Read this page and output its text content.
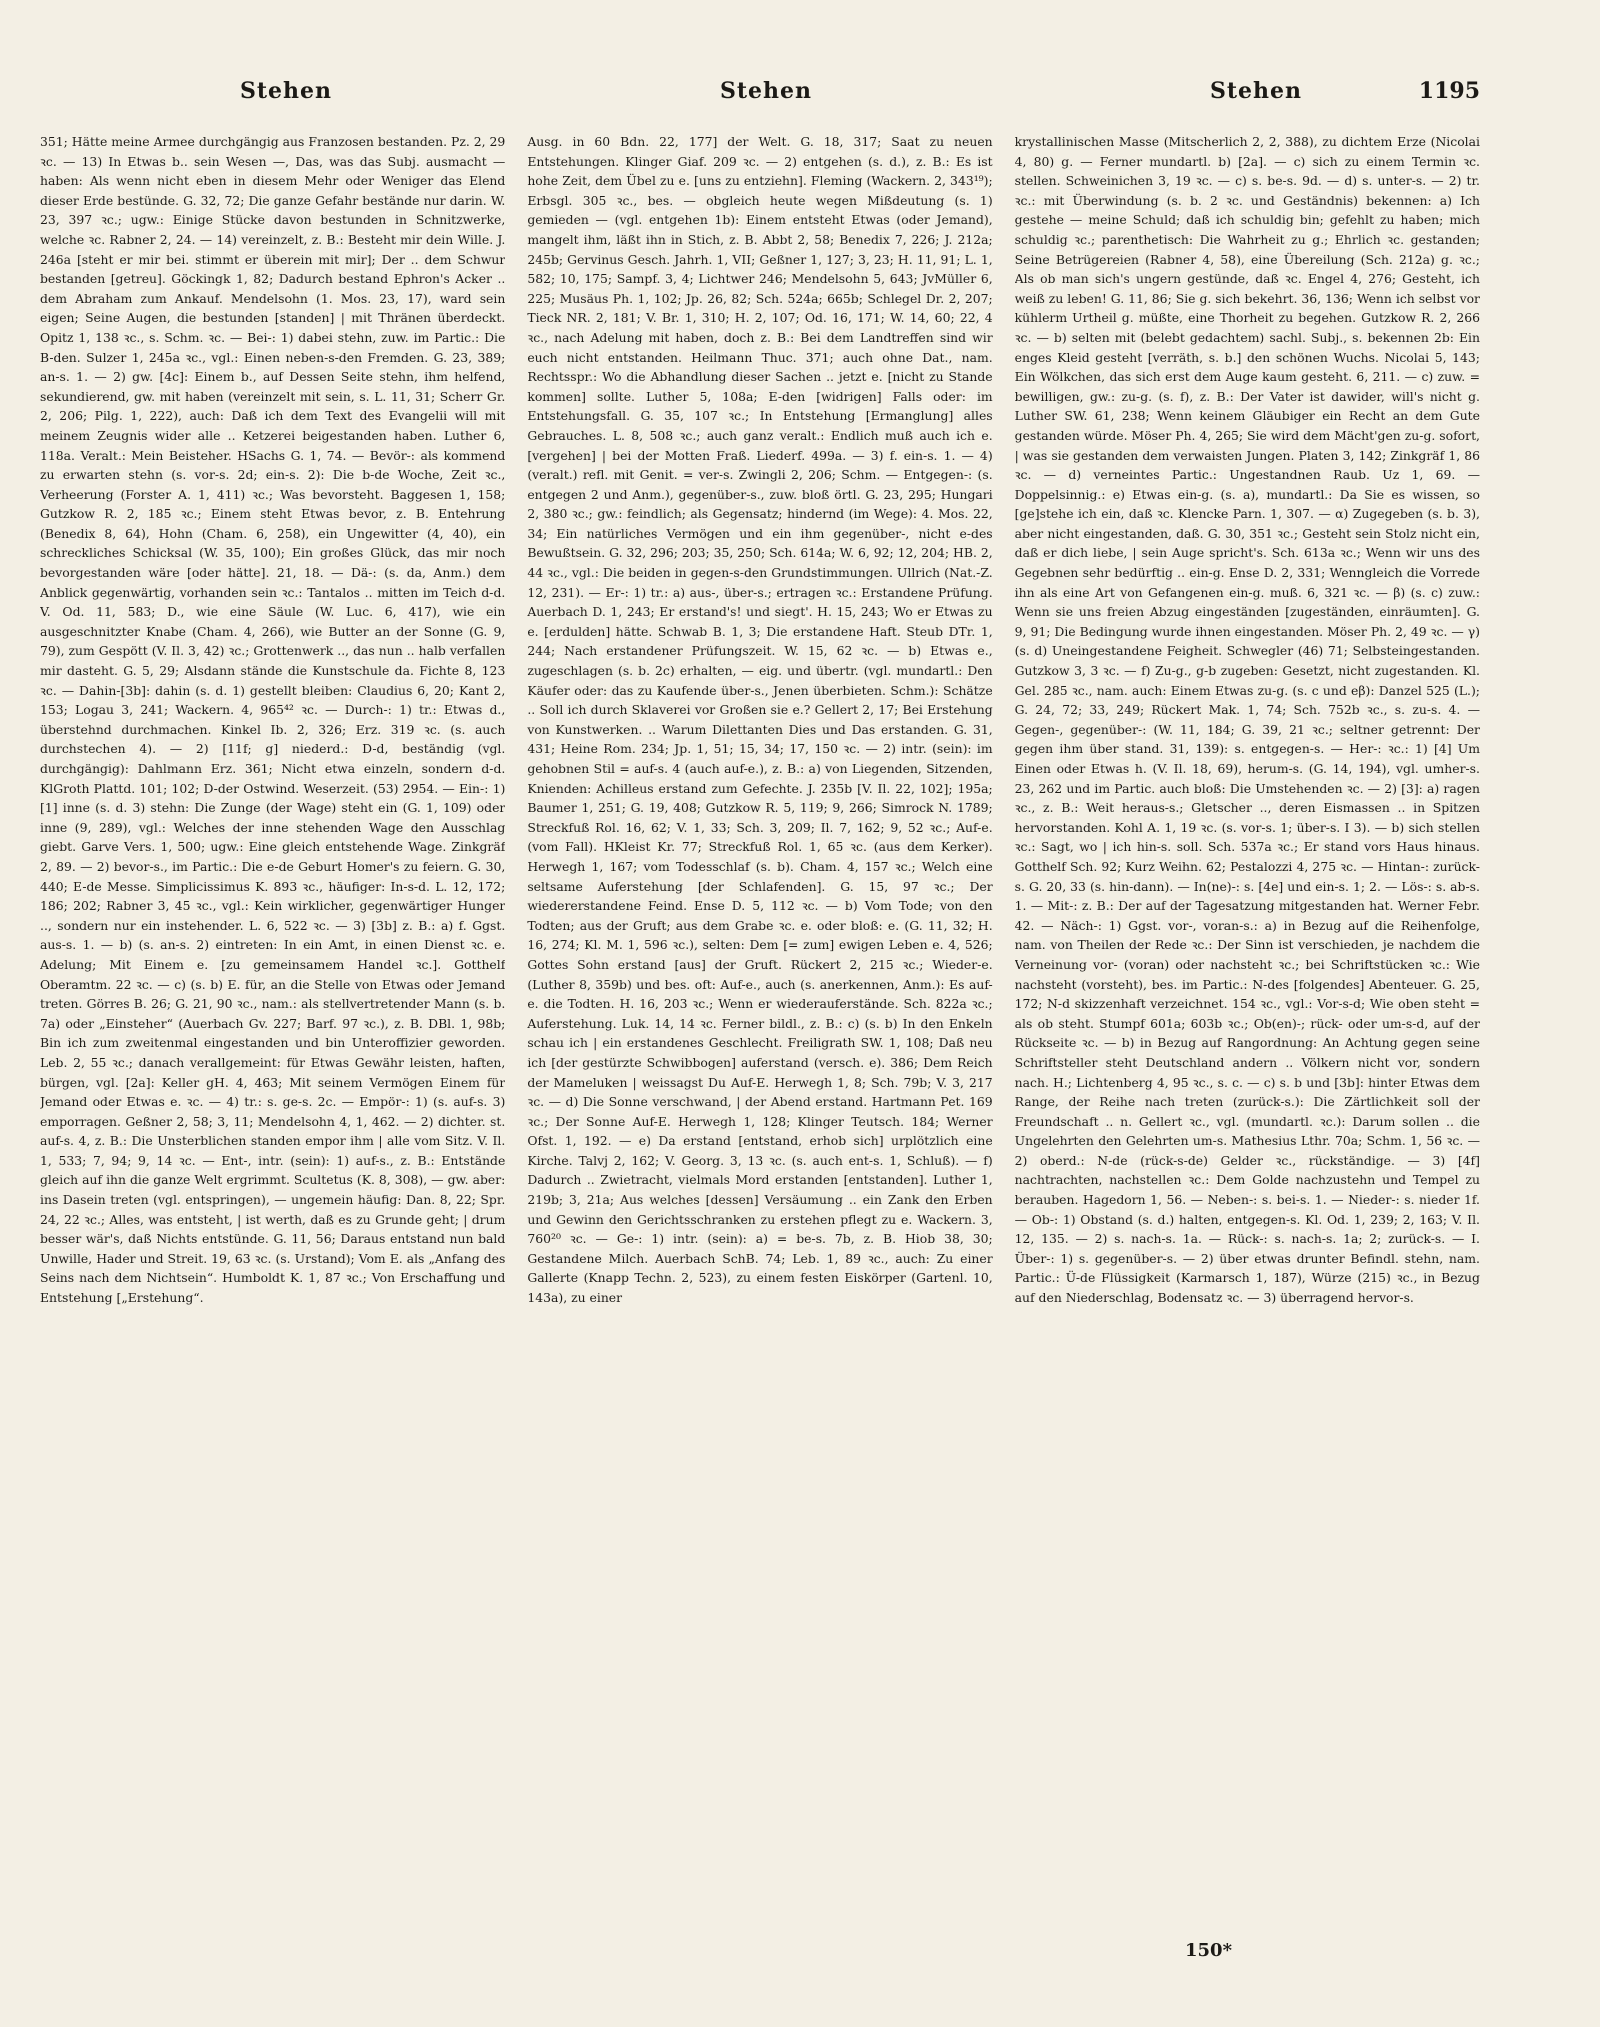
Stehen	Stehen	Stehen	1195

351; Hätte meine Armee durchgängig aus Franzosen bestanden. Pz. 2, 29 ꝛc. — 13) In Etwas b.. sein Wesen —, Das, was das Subj. ausmacht — haben: Als wenn nicht eben in diesem Mehr oder Weniger das Elend dieser Erde bestünde. G. 32, 72; Die ganze Gefahr bestände nur darin. W. 23, 397 ꝛc.; ugw.: Einige Stücke davon bestunden in Schnitzwerke, welche ꝛc. Rabner 2, 24. — 14) vereinzelt, z. B.: Besteht mir dein Wille. J. 246a [steht er mir bei. stimmt er überein mit mir]; Der .. dem Schwur bestanden [getreu]. Göckingk 1, 82; Dadurch bestand Ephron's Acker .. dem Abraham zum Ankauf. Mendelsohn (1. Mos. 23, 17), ward sein eigen; Seine Augen, die bestunden [standen] | mit Thränen überdeckt. Opitz 1, 138 ꝛc., s. Schm. ꝛc. — Bei-: 1) dabei stehn, zuw. im Partic.: Die B-den. Sulzer 1, 245a ꝛc., vgl.: Einen neben-s-den Fremden. G. 23, 389; an-s. 1. — 2) gw. [4c]: Einem b., auf Dessen Seite stehn, ihm helfend, sekundierend, gw. mit haben (vereinzelt mit sein, s. L. 11, 31; Scherr Gr. 2, 206; Pilg. 1, 222), auch: Daß ich dem Text des Evangelii will mit meinem Zeugnis wider alle .. Ketzerei beigestanden haben. Luther 6, 118a. Veralt.: Mein Beisteher. HSachs G. 1, 74. — Bevör-: als kommend zu erwarten stehn (s. vor-s. 2d; ein-s. 2): Die b-de Woche, Zeit ꝛc., Verheerung (Forster A. 1, 411) ꝛc.; Was bevorsteht. Baggesen 1, 158; Gutzkow R. 2, 185 ꝛc.; Einem steht Etwas bevor, z. B. Entehrung (Benedix 8, 64), Hohn (Cham. 6, 258), ein Ungewitter (4, 40), ein schreckliches Schicksal (W. 35, 100); Ein großes Glück, das mir noch bevorgestanden wäre [oder hätte]. 21, 18. — Dä-: (s. da, Anm.) dem Anblick gegenwärtig, vorhanden sein ꝛc.: Tantalos .. mitten im Teich d-d. V. Od. 11, 583; D., wie eine Säule (W. Luc. 6, 417), wie ein ausgeschnitzter Knabe (Cham. 4, 266), wie Butter an der Sonne (G. 9, 79), zum Gespött (V. Il. 3, 42) ꝛc.; Grottenwerk .., das nun .. halb verfallen mir dasteht. G. 5, 29; Alsdann stände die Kunstschule da. Fichte 8, 123 ꝛc. — Dahin-[3b]: dahin (s. d. 1) gestellt bleiben: Claudius 6, 20; Kant 2, 153; Logau 3, 241; Wackern. 4, 965⁴² ꝛc. — Durch-: 1) tr.: Etwas d., überstehnd durchmachen. Kinkel Ib. 2, 326; Erz. 319 ꝛc. (s. auch durchstechen 4). — 2) [11f; g] niederd.: D-d, beständig (vgl. durchgängig): Dahlmann Erz. 361; Nicht etwa einzeln, sondern d-d. KlGroth Plattd. 101; 102; D-der Ostwind. Weserzeit. (53) 2954. — Ein-: 1) [1] inne (s. d. 3) stehn: Die Zunge (der Wage) steht ein (G. 1, 109) oder inne (9, 289), vgl.: Welches der inne stehenden Wage den Ausschlag giebt. Garve Vers. 1, 500; ugw.: Eine gleich entstehende Wage. Zinkgräf 2, 89. — 2) bevor-s., im Partic.: Die e-de Geburt Homer's zu feiern. G. 30, 440; E-de Messe. Simplicissimus K. 893 ꝛc., häufiger: In-s-d. L. 12, 172; 186; 202; Rabner 3, 45 ꝛc., vgl.: Kein wirklicher, gegenwärtiger Hunger .., sondern nur ein instehender. L. 6, 522 ꝛc. — 3) [3b] z. B.: a) f. Ggst. aus-s. 1. — b) (s. an-s. 2) eintreten: In ein Amt, in einen Dienst ꝛc. e. Adelung; Mit Einem e. [zu gemeinsamem Handel ꝛc.]. Gotthelf Oberamtm. 22 ꝛc. — c) (s. b) E. für, an die Stelle von Etwas oder Jemand treten. Görres B. 26; G. 21, 90 ꝛc., nam.: als stellvertretender Mann (s. b. 7a) oder „Einsteher“ (Auerbach Gv. 227; Barf. 97 ꝛc.), z. B. DBl. 1, 98b; Bin ich zum zweitenmal eingestanden und bin Unteroffizier geworden. Leb. 2, 55 ꝛc.; danach verallgemeint: für Etwas Gewähr leisten, haften, bürgen, vgl. [2a]: Keller gH. 4, 463; Mit seinem Vermögen Einem für Jemand oder Etwas e. ꝛc. — 4) tr.: s. ge-s. 2c. — Empör-: 1) (s. auf-s. 3) emporragen. Geßner 2, 58; 3, 11; Mendelsohn 4, 1, 462. — 2) dichter. st. auf-s. 4, z. B.: Die Unsterblichen standen empor ihm | alle vom Sitz. V. Il. 1, 533; 7, 94; 9, 14 ꝛc. — Ent-, intr. (sein): 1) auf-s., z. B.: Entstände gleich auf ihn die ganze Welt ergrimmt. Scultetus (K. 8, 308), — gw. aber: ins Dasein treten (vgl. entspringen), — ungemein häufig: Dan. 8, 22; Spr. 24, 22 ꝛc.; Alles, was entsteht, | ist werth, daß es zu Grunde geht; | drum besser wär's, daß Nichts entstünde. G. 11, 56; Daraus entstand nun bald Unwille, Hader und Streit. 19, 63 ꝛc. (s. Urstand); Vom E. als „Anfang des Seins nach dem Nichtsein“. Humboldt K. 1, 87 ꝛc.; Von Erschaffung und Entstehung [„Erstehung“.

Ausg. in 60 Bdn. 22, 177] der Welt. G. 18, 317; Saat zu neuen Entstehungen. Klinger Giaf. 209 ꝛc. — 2) entgehen (s. d.), z. B.: Es ist hohe Zeit, dem Übel zu e. [uns zu entziehn]. Fleming (Wackern. 2, 343¹⁹); Erbsgl. 305 ꝛc., bes. — obgleich heute wegen Mißdeutung (s. 1) gemieden — (vgl. entgehen 1b): Einem entsteht Etwas (oder Jemand), mangelt ihm, läßt ihn in Stich, z. B. Abbt 2, 58; Benedix 7, 226; J. 212a; 245b; Gervinus Gesch. Jahrh. 1, VII; Geßner 1, 127; 3, 23; H. 11, 91; L. 1, 582; 10, 175; Sampf. 3, 4; Lichtwer 246; Mendelsohn 5, 643; JvMüller 6, 225; Musäus Ph. 1, 102; Jp. 26, 82; Sch. 524a; 665b; Schlegel Dr. 2, 207; Tieck NR. 2, 181; V. Br. 1, 310; H. 2, 107; Od. 16, 171; W. 14, 60; 22, 4 ꝛc., nach Adelung mit haben, doch z. B.: Bei dem Landtreffen sind wir euch nicht entstanden. Heilmann Thuc. 371; auch ohne Dat., nam. Rechtsspr.: Wo die Abhandlung dieser Sachen .. jetzt e. [nicht zu Stande kommen] sollte. Luther 5, 108a; E-den [widrigen] Falls oder: im Entstehungsfall. G. 35, 107 ꝛc.; In Entstehung [Ermanglung] alles Gebrauches. L. 8, 508 ꝛc.; auch ganz veralt.: Endlich muß auch ich e. [vergehen] | bei der Motten Fraß. Liederf. 499a. — 3) f. ein-s. 1. — 4) (veralt.) refl. mit Genit. = ver-s. Zwingli 2, 206; Schm. — Entgegen-: (s. entgegen 2 und Anm.), gegenüber-s., zuw. bloß örtl. G. 23, 295; Hungari 2, 380 ꝛc.; gw.: feindlich; als Gegensatz; hindernd (im Wege): 4. Mos. 22, 34; Ein natürliches Vermögen und ein ihm gegenüber-, nicht e-des Bewußtsein. G. 32, 296; 203; 35, 250; Sch. 614a; W. 6, 92; 12, 204; HB. 2, 44 ꝛc., vgl.: Die beiden in gegen-s-den Grundstimmungen. Ullrich (Nat.-Z. 12, 231). — Er-: 1) tr.: a) aus-, über-s.; ertragen ꝛc.: Erstandene Prüfung. Auerbach D. 1, 243; Er erstand's! und siegt'. H. 15, 243; Wo er Etwas zu e. [erdulden] hätte. Schwab B. 1, 3; Die erstandene Haft. Steub DTr. 1, 244; Nach erstandener Prüfungszeit. W. 15, 62 ꝛc. — b) Etwas e., zugeschlagen (s. b. 2c) erhalten, — eig. und übertr. (vgl. mundartl.: Den Käufer oder: das zu Kaufende über-s., Jenen überbieten. Schm.): Schätze .. Soll ich durch Sklaverei vor Großen sie e.? Gellert 2, 17; Bei Erstehung von Kunstwerken. .. Warum Dilettanten Dies und Das erstanden. G. 31, 431; Heine Rom. 234; Jp. 1, 51; 15, 34; 17, 150 ꝛc. — 2) intr. (sein): im gehobnen Stil = auf-s. 4 (auch auf-e.), z. B.: a) von Liegenden, Sitzenden, Knienden: Achilleus erstand zum Gefechte. J. 235b [V. Il. 22, 102]; 195a; Baumer 1, 251; G. 19, 408; Gutzkow R. 5, 119; 9, 266; Simrock N. 1789; Streckfuß Rol. 16, 62; V. 1, 33; Sch. 3, 209; Il. 7, 162; 9, 52 ꝛc.; Auf-e. (vom Fall). HKleist Kr. 77; Streckfuß Rol. 1, 65 ꝛc. (aus dem Kerker). Herwegh 1, 167; vom Todesschlaf (s. b). Cham. 4, 157 ꝛc.; Welch eine seltsame Auferstehung [der Schlafenden]. G. 15, 97 ꝛc.; Der wiedererstandene Feind. Ense D. 5, 112 ꝛc. — b) Vom Tode; von den Todten; aus der Gruft; aus dem Grabe ꝛc. e. oder bloß: e. (G. 11, 32; H. 16, 274; Kl. M. 1, 596 ꝛc.), selten: Dem [= zum] ewigen Leben e. 4, 526; Gottes Sohn erstand [aus] der Gruft. Rückert 2, 215 ꝛc.; Wieder-e. (Luther 8, 359b) und bes. oft: Auf-e., auch (s. anerkennen, Anm.): Es auf-e. die Todten. H. 16, 203 ꝛc.; Wenn er wiederauferstände. Sch. 822a ꝛc.; Auferstehung. Luk. 14, 14 ꝛc. Ferner bildl., z. B.: c) (s. b) In den Enkeln schau ich | ein erstandenes Geschlecht. Freiligrath SW. 1, 108; Daß neu ich [der gestürzte Schwibbogen] auferstand (versch. e). 386; Dem Reich der Mameluken | weissagst Du Auf-E. Herwegh 1, 8; Sch. 79b; V. 3, 217 ꝛc. — d) Die Sonne verschwand, | der Abend erstand. Hartmann Pet. 169 ꝛc.; Der Sonne Auf-E. Herwegh 1, 128; Klinger Teutsch. 184; Werner Ofst. 1, 192. — e) Da erstand [entstand, erhob sich] urplötzlich eine Kirche. Talvj 2, 162; V. Georg. 3, 13 ꝛc. (s. auch ent-s. 1, Schluß). — f) Dadurch .. Zwietracht, vielmals Mord erstanden [entstanden]. Luther 1, 219b; 3, 21a; Aus welches [dessen] Versäumung .. ein Zank den Erben und Gewinn den Gerichtsschranken zu erstehen pflegt zu e. Wackern. 3, 760²⁰ ꝛc. — Ge-: 1) intr. (sein): a) = be-s. 7b, z. B. Hiob 38, 30; Gestandene Milch. Auerbach SchB. 74; Leb. 1, 89 ꝛc., auch: Zu einer Gallerte (Knapp Techn. 2, 523), zu einem festen Eiskörper (Gartenl. 10, 143a), zu einer

krystallinischen Masse (Mitscherlich 2, 2, 388), zu dichtem Erze (Nicolai 4, 80) g. — Ferner mundartl. b) [2a]. — c) sich zu einem Termin ꝛc. stellen. Schweinichen 3, 19 ꝛc. — c) s. be-s. 9d. — d) s. unter-s. — 2) tr. ꝛc.: mit Überwindung (s. b. 2 ꝛc. und Geständnis) bekennen: a) Ich gestehe — meine Schuld; daß ich schuldig bin; gefehlt zu haben; mich schuldig ꝛc.; parenthetisch: Die Wahrheit zu g.; Ehrlich ꝛc. gestanden; Seine Betrügereien (Rabner 4, 58), eine Übereilung (Sch. 212a) g. ꝛc.; Als ob man sich's ungern gestünde, daß ꝛc. Engel 4, 276; Gesteht, ich weiß zu leben! G. 11, 86; Sie g. sich bekehrt. 36, 136; Wenn ich selbst vor kühlerm Urtheil g. müßte, eine Thorheit zu begehen. Gutzkow R. 2, 266 ꝛc. — b) selten mit (belebt gedachtem) sachl. Subj., s. bekennen 2b: Ein enges Kleid gesteht [verräth, s. b.] den schönen Wuchs. Nicolai 5, 143; Ein Wölkchen, das sich erst dem Auge kaum gesteht. 6, 211. — c) zuw. = bewilligen, gw.: zu-g. (s. f), z. B.: Der Vater ist dawider, will's nicht g. Luther SW. 61, 238; Wenn keinem Gläubiger ein Recht an dem Gute gestanden würde. Möser Ph. 4, 265; Sie wird dem Mächt'gen zu-g. sofort, | was sie gestanden dem verwaisten Jungen. Platen 3, 142; Zinkgräf 1, 86 ꝛc. — d) verneintes Partic.: Ungestandnen Raub. Uz 1, 69. — Doppelsinnig.: e) Etwas ein-g. (s. a), mundartl.: Da Sie es wissen, so [ge]stehe ich ein, daß ꝛc. Klencke Parn. 1, 307. — α) Zugegeben (s. b. 3), aber nicht eingestanden, daß. G. 30, 351 ꝛc.; Gesteht sein Stolz nicht ein, daß er dich liebe, | sein Auge spricht's. Sch. 613a ꝛc.; Wenn wir uns des Gegebnen sehr bedürftig .. ein-g. Ense D. 2, 331; Wenngleich die Vorrede ihn als eine Art von Gefangenen ein-g. muß. 6, 321 ꝛc. — β) (s. c) zuw.: Wenn sie uns freien Abzug eingeständen [zugeständen, einräumten]. G. 9, 91; Die Bedingung wurde ihnen eingestanden. Möser Ph. 2, 49 ꝛc. — γ) (s. d) Uneingestandene Feigheit. Schwegler (46) 71; Selbsteingestanden. Gutzkow 3, 3 ꝛc. — f) Zu-g., g-b zugeben: Gesetzt, nicht zugestanden. Kl. Gel. 285 ꝛc., nam. auch: Einem Etwas zu-g. (s. c und eβ): Danzel 525 (L.); G. 24, 72; 33, 249; Rückert Mak. 1, 74; Sch. 752b ꝛc., s. zu-s. 4. — Gegen-, gegenüber-: (W. 11, 184; G. 39, 21 ꝛc.; seltner getrennt: Der gegen ihm über stand. 31, 139): s. entgegen-s. — Her-: ꝛc.: 1) [4] Um Einen oder Etwas h. (V. Il. 18, 69), herum-s. (G. 14, 194), vgl. umher-s. 23, 262 und im Partic. auch bloß: Die Umstehenden ꝛc. — 2) [3]: a) ragen ꝛc., z. B.: Weit heraus-s.; Gletscher .., deren Eismassen .. in Spitzen hervorstanden. Kohl A. 1, 19 ꝛc. (s. vor-s. 1; über-s. I 3). — b) sich stellen ꝛc.: Sagt, wo | ich hin-s. soll. Sch. 537a ꝛc.; Er stand vors Haus hinaus. Gotthelf Sch. 92; Kurz Weihn. 62; Pestalozzi 4, 275 ꝛc. — Hintan-: zurück-s. G. 20, 33 (s. hin-dann). — In(ne)-: s. [4e] und ein-s. 1; 2. — Lös-: s. ab-s. 1. — Mit-: z. B.: Der auf der Tagesatzung mitgestanden hat. Werner Febr. 42. — Näch-: 1) Ggst. vor-, voran-s.: a) in Bezug auf die Reihenfolge, nam. von Theilen der Rede ꝛc.: Der Sinn ist verschieden, je nachdem die Verneinung vor- (voran) oder nachsteht ꝛc.; bei Schriftstücken ꝛc.: Wie nachsteht (vorsteht), bes. im Partic.: N-des [folgendes] Abenteuer. G. 25, 172; N-d skizzenhaft verzeichnet. 154 ꝛc., vgl.: Vor-s-d; Wie oben steht = als ob steht. Stumpf 601a; 603b ꝛc.; Ob(en)-; rück- oder um-s-d, auf der Rückseite ꝛc. — b) in Bezug auf Rangordnung: An Achtung gegen seine Schriftsteller steht Deutschland andern .. Völkern nicht vor, sondern nach. H.; Lichtenberg 4, 95 ꝛc., s. c. — c) s. b und [3b]: hinter Etwas dem Range, der Reihe nach treten (zurück-s.): Die Zärtlichkeit soll der Freundschaft .. n. Gellert ꝛc., vgl. (mundartl. ꝛc.): Darum sollen .. die Ungelehrten den Gelehrten um-s. Mathesius Lthr. 70a; Schm. 1, 56 ꝛc. — 2) oberd.: N-de (rück-s-de) Gelder ꝛc., rückständige. — 3) [4f] nachtrachten, nachstellen ꝛc.: Dem Golde nachzustehn und Tempel zu berauben. Hagedorn 1, 56. — Neben-: s. bei-s. 1. — Nieder-: s. nieder 1f. — Ob-: 1) Obstand (s. d.) halten, entgegen-s. Kl. Od. 1, 239; 2, 163; V. Il. 12, 135. — 2) s. nach-s. 1a. — Rück-: s. nach-s. 1a; 2; zurück-s. — I. Über-: 1) s. gegenüber-s. — 2) über etwas drunter Befindl. stehn, nam. Partic.: Ü-de Flüssigkeit (Karmarsch 1, 187), Würze (215) ꝛc., in Bezug auf den Niederschlag, Bodensatz ꝛc. — 3) überragend hervor-s.

150*
